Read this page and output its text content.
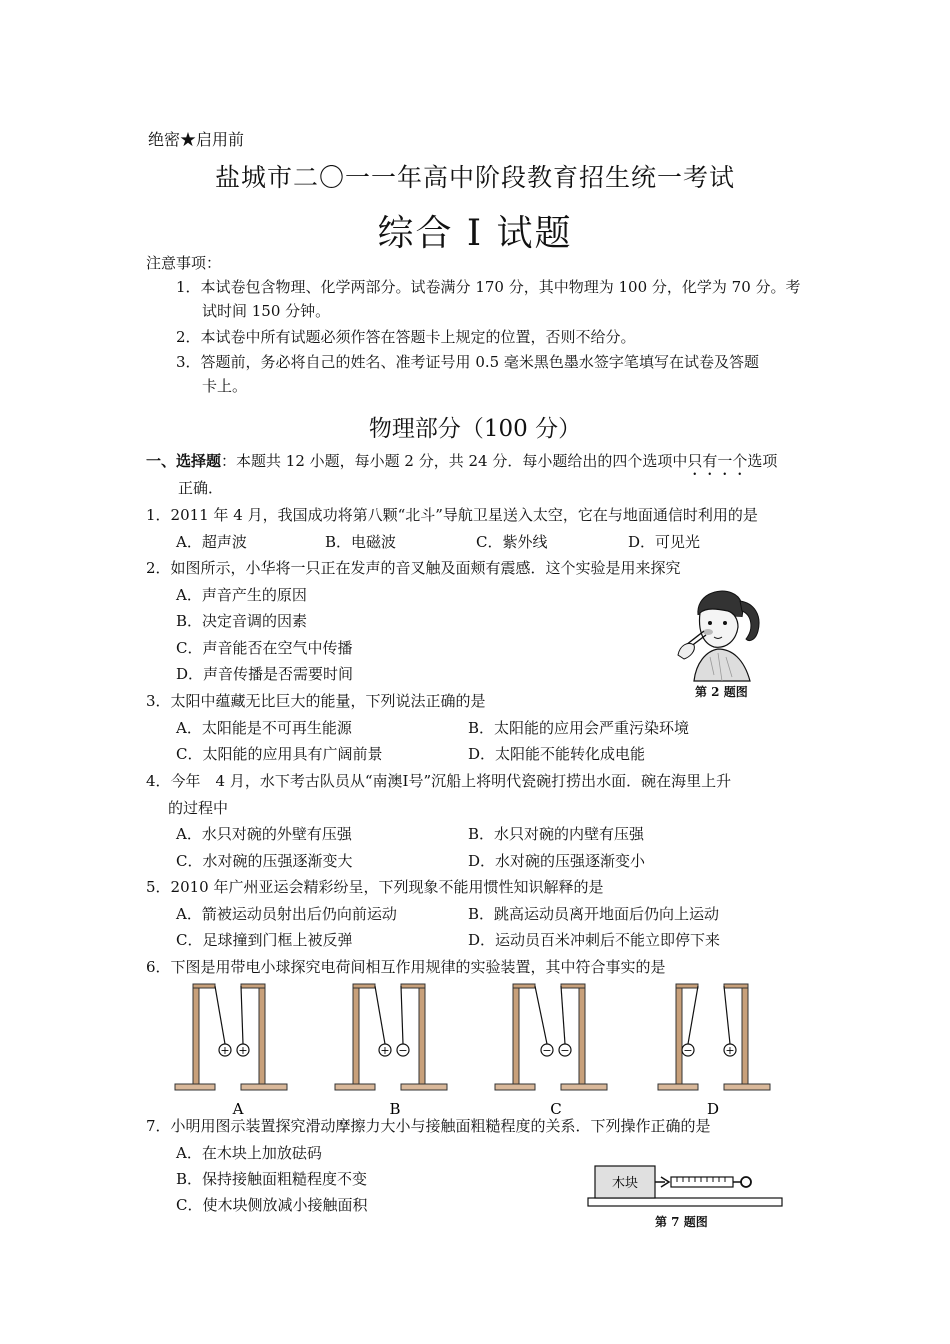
绝密★启用前
盐城市二〇一一年高中阶段教育招生统一考试
综合 I 试题
注意事项：
1．本试卷包含物理、化学两部分。试卷满分 170 分，其中物理为 100 分，化学为 70 分。考
试时间 150 分钟。
2．本试卷中所有试题必须作答在答题卡上规定的位置，否则不给分。
3．答题前，务必将自己的姓名、准考证号用 0.5 毫米黑色墨水签字笔填写在试卷及答题
卡上。
物理部分（100 分）
一、选择题：本题共 12 小题，每小题 2 分，共 24 分．每小题给出的四个选项中只有一个选项
正确．
1．2011 年 4 月，我国成功将第八颗“北斗”导航卫星送入太空，它在与地面通信时利用的是
A．超声波	B．电磁波	C．紫外线	D．可见光
2．如图所示，小华将一只正在发声的音叉触及面颊有震感．这个实验是用来探究
A．声音产生的原因
B．决定音调的因素
C．声音能否在空气中传播
D．声音传播是否需要时间
第 2 题图
3．太阳中蕴藏无比巨大的能量，下列说法正确的是
A．太阳能是不可再生能源	B．太阳能的应用会严重污染环境
C．太阳能的应用具有广阔前景	D．太阳能不能转化成电能
4．今年　4 月，水下考古队员从“南澳Ⅰ号”沉船上将明代瓷碗打捞出水面．碗在海里上升
的过程中
A．水只对碗的外壁有压强	B．水只对碗的内壁有压强
C．水对碗的压强逐渐变大	D．水对碗的压强逐渐变小
5．2010 年广州亚运会精彩纷呈，下列现象不能用惯性知识解释的是
A．箭被运动员射出后仍向前运动	B．跳高运动员离开地面后仍向上运动
C．足球撞到门框上被反弹	D．运动员百米冲刺后不能立即停下来
6．下图是用带电小球探究电荷间相互作用规律的实验装置，其中符合事实的是
+ +	+ −	− −	−	+
A	B	C	D
7．小明用图示装置探究滑动摩擦力大小与接触面粗糙程度的关系．下列操作正确的是
A．在木块上加放砝码
B．保持接触面粗糙程度不变
C．使木块侧放减小接触面积
木块
第 7 题图
